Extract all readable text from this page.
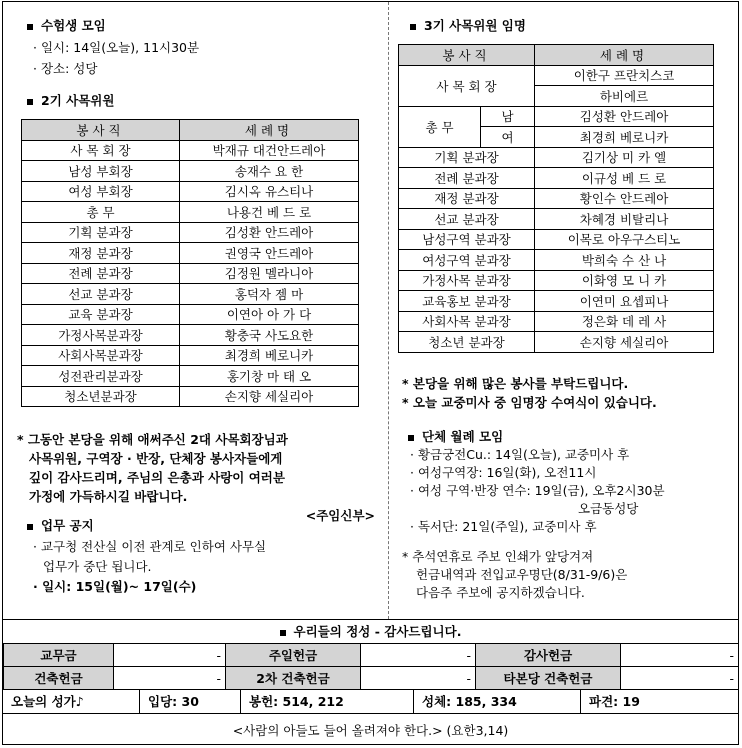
수험생 모임
· 일시: 14일(오늘), 11시30분
· 장소: 성당
2기 사목위원
봉사직	세례명
사 목 회 장	박재규 대건안드레아
남성 부회장	송재수 요 한
여성 부회장	김시옥 유스티나
총 무	나용건 베 드 로
기획 분과장	김성환 안드레아
재정 분과장	권영국 안드레아
전례 분과장	김정원 멜라니아
선교 분과장	홍덕자 젬 마
교육 분과장	이연아 아 가 다
가정사목분과장	황충국 사도요한
사회사목분과장	최경희 베로니카
성전관리분과장	홍기창 마 태 오
청소년분과장	손지향 세실리아
* 그동안 본당을 위해 애써주신 2대 사목회장님과
사목위원, 구역장 · 반장, 단체장 봉사자들에게
깊이 감사드리며, 주님의 은총과 사랑이 여러분
가정에 가득하시길 바랍니다.
<주임신부>
업무 공지
· 교구청 전산실 이전 관계로 인하여 사무실
업무가 중단 됩니다.
· 일시: 15일(월)~ 17일(수)
3기 사목위원 임명
봉사직		세례명
사 목 회 장		이한구 프란치스코
		하비에르
총 무	남	김성환 안드레아
	여	최경희 베로니카
기획 분과장		김기상 미 카 엘
전례 분과장		이규성 베 드 로
재정 분과장		황인수 안드레아
선교 분과장		차혜경 비탈리나
남성구역 분과장		이목로 아우구스티노
여성구역 분과장		박희숙 수 산 나
가정사목 분과장		이화영 모 니 카
교육홍보 분과장		이연미 요셉피나
사회사목 분과장		정은화 데 레 사
청소년 분과장		손지향 세실리아
* 본당을 위해 많은 봉사를 부탁드립니다.
* 오늘 교중미사 중 임명장 수여식이 있습니다.
단체 월례 모임
· 황금궁전Cu.: 14일(오늘), 교중미사 후
· 여성구역장: 16일(화), 오전11시
· 여성 구역·반장 연수: 19일(금), 오후2시30분
오금동성당
· 독서단: 21일(주일), 교중미사 후
* 추석연휴로 주보 인쇄가 앞당겨져
헌금내역과 전입교우명단(8/31-9/6)은
다음주 주보에 공지하겠습니다.
우리들의 정성 - 감사드립니다.
교무금	-	주일헌금	-	감사헌금	-
건축헌금	-	2차 건축헌금	-	타본당 건축헌금	-
오늘의 성가♪	입당: 30	봉헌: 514, 212	성체: 185, 334	파견: 19
<사람의 아들도 들어 올려져야 한다.> (요한3,14)
